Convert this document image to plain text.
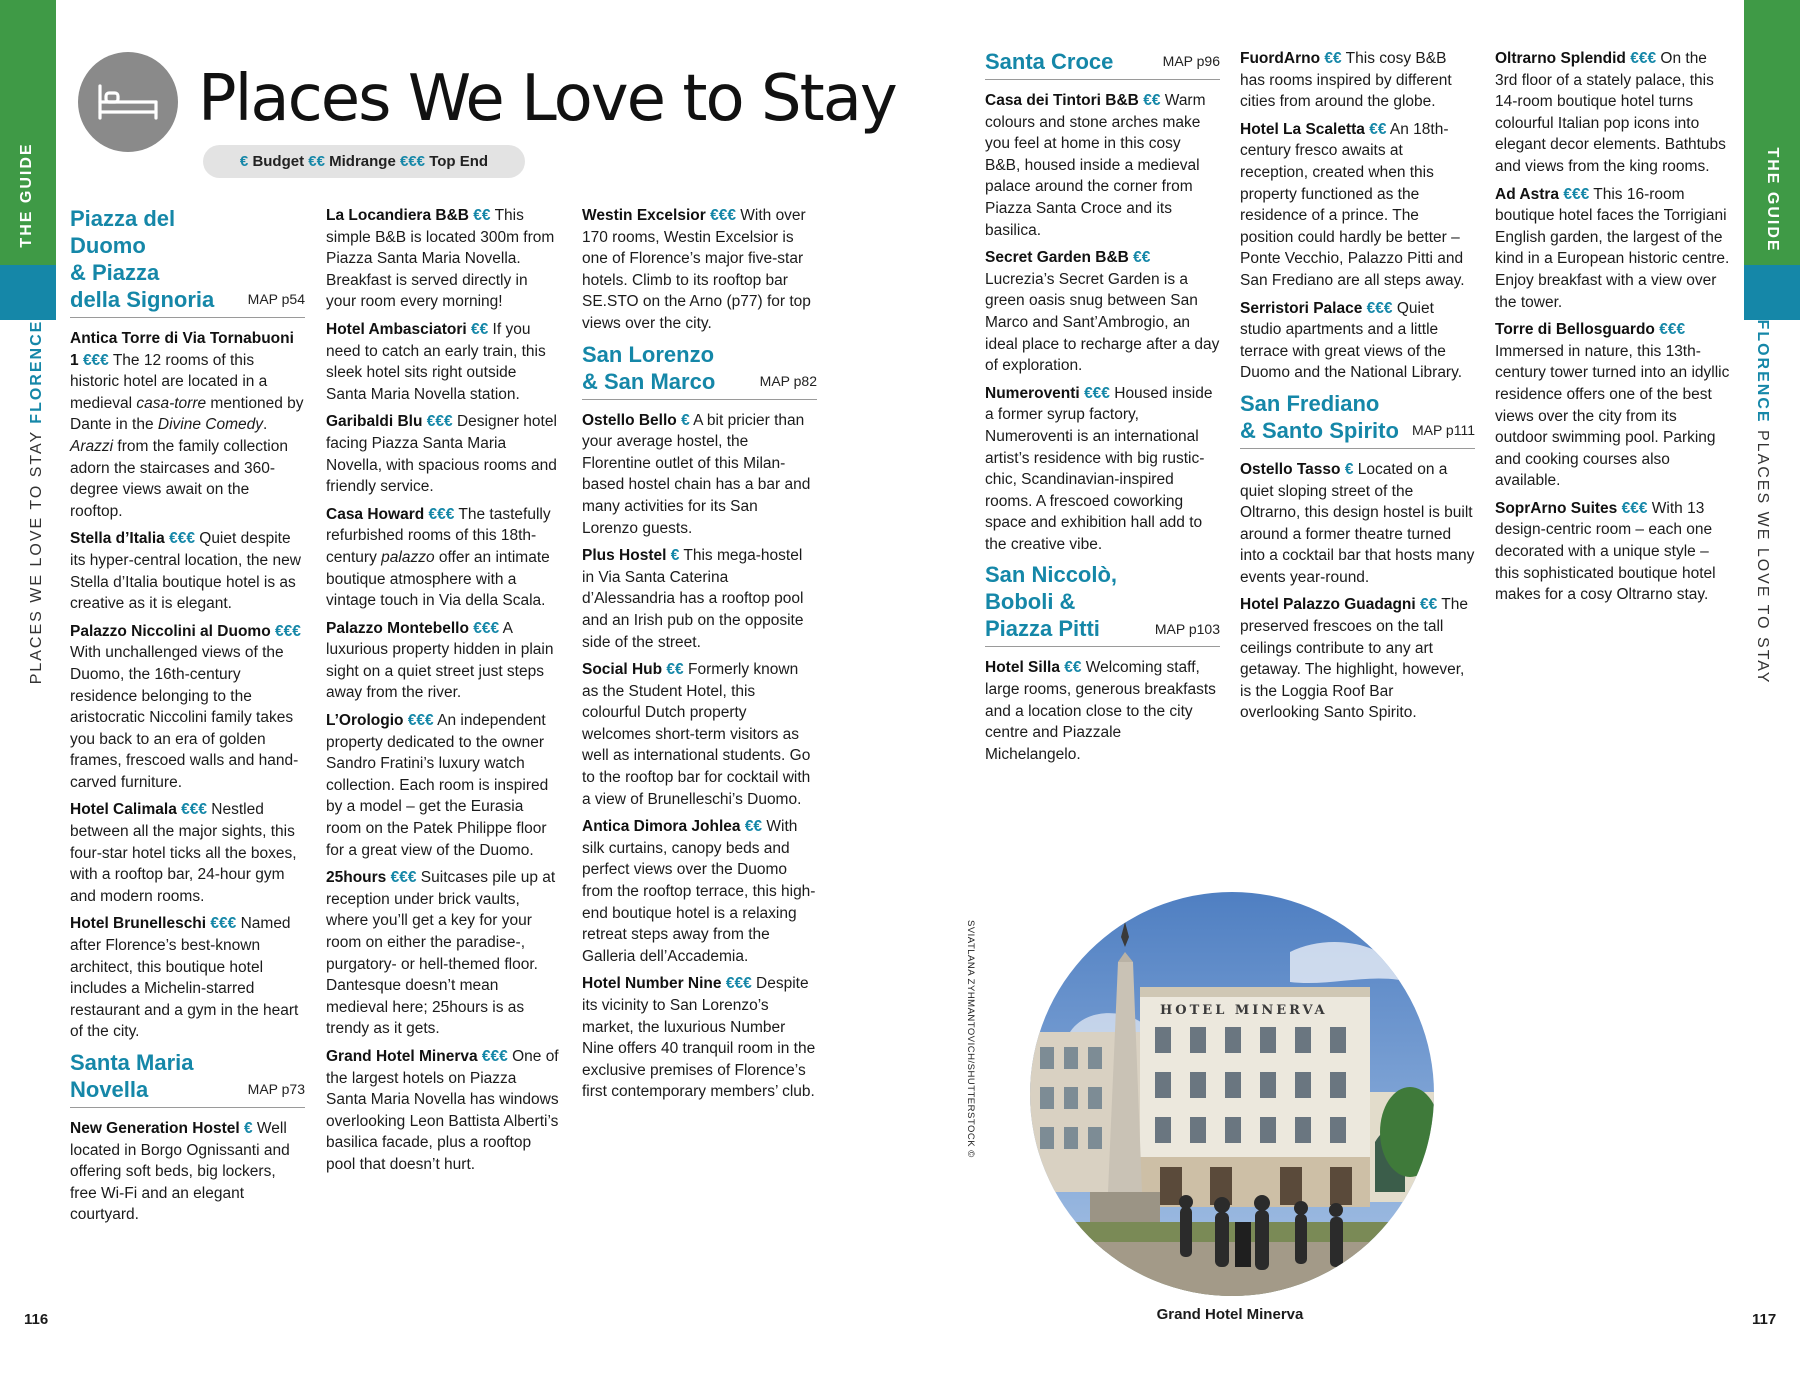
THE GUIDE
PLACES WE LOVE TO STAY FLORENCE
THE GUIDE
FLORENCE PLACES WE LOVE TO STAY
Places We Love to Stay
€ Budget €€ Midrange €€€ Top End
Piazza del Duomo
& Piazza
della Signoria	MAP p54

Antica Torre di Via Tornabuoni 1 €€€ The 12 rooms of this historic hotel are located in a medieval casa-torre mentioned by Dante in the Divine Comedy. Arazzi from the family collection adorn the staircases and 360-degree views await on the rooftop.

Stella d’Italia €€€ Quiet despite its hyper-central location, the new Stella d’Italia boutique hotel is as creative as it is elegant.

Palazzo Niccolini al Duomo €€€ With unchallenged views of the Duomo, the 16th-century residence belonging to the aristocratic Niccolini family takes you back to an era of golden frames, frescoed walls and hand-carved furniture.

Hotel Calimala €€€ Nestled between all the major sights, this four-star hotel ticks all the boxes, with a rooftop bar, 24-hour gym and modern rooms.

Hotel Brunelleschi €€€ Named after Florence’s best-known architect, this boutique hotel includes a Michelin-starred restaurant and a gym in the heart of the city.

Santa Maria
Novella	MAP p73

New Generation Hostel € Well located in Borgo Ognissanti and offering soft beds, big lockers, free Wi-Fi and an elegant courtyard.

La Locandiera B&B €€ This simple B&B is located 300m from Piazza Santa Maria Novella. Breakfast is served directly in your room every morning!

Hotel Ambasciatori €€ If you need to catch an early train, this sleek hotel sits right outside Santa Maria Novella station.

Garibaldi Blu €€€ Designer hotel facing Piazza Santa Maria Novella, with spacious rooms and friendly service.

Casa Howard €€€ The tastefully refurbished rooms of this 18th-century palazzo offer an intimate boutique atmosphere with a vintage touch in Via della Scala.

Palazzo Montebello €€€ A luxurious property hidden in plain sight on a quiet street just steps away from the river.

L’Orologio €€€ An independent property dedicated to the owner Sandro Fratini’s luxury watch collection. Each room is inspired by a model – get the Eurasia room on the Patek Philippe floor for a great view of the Duomo.

25hours €€€ Suitcases pile up at reception under brick vaults, where you’ll get a key for your room on either the paradise-, purgatory- or hell-themed floor. Dantesque doesn’t mean medieval here; 25hours is as trendy as it gets.

Grand Hotel Minerva €€€ One of the largest hotels on Piazza Santa Maria Novella has windows overlooking Leon Battista Alberti’s basilica facade, plus a rooftop pool that doesn’t hurt.

Westin Excelsior €€€ With over 170 rooms, Westin Excelsior is one of Florence’s major five-star hotels. Climb to its rooftop bar SE.STO on the Arno (p77) for top views over the city.

San Lorenzo
& San Marco	MAP p82

Ostello Bello € A bit pricier than your average hostel, the Florentine outlet of this Milan-based hostel chain has a bar and many activities for its San Lorenzo guests.

Plus Hostel € This mega-hostel in Via Santa Caterina d’Alessandria has a rooftop pool and an Irish pub on the opposite side of the street.

Social Hub €€ Formerly known as the Student Hotel, this colourful Dutch property welcomes short-term visitors as well as international students. Go to the rooftop bar for cocktail with a view of Brunelleschi’s Duomo.

Antica Dimora Johlea €€ With silk curtains, canopy beds and perfect views over the Duomo from the rooftop terrace, this high-end boutique hotel is a relaxing retreat steps away from the Galleria dell’Accademia.

Hotel Number Nine €€€ Despite its vicinity to San Lorenzo’s market, the luxurious Number Nine offers 40 tranquil room in the exclusive premises of Florence’s first contemporary members’ club.

Santa Croce	MAP p96

Casa dei Tintori B&B €€ Warm colours and stone arches make you feel at home in this cosy B&B, housed inside a medieval palace around the corner from Piazza Santa Croce and its basilica.

Secret Garden B&B €€ Lucrezia’s Secret Garden is a green oasis snug between San Marco and Sant’Ambrogio, an ideal place to recharge after a day of exploration.

Numeroventi €€€ Housed inside a former syrup factory, Numeroventi is an international artist’s residence with big rustic-chic, Scandinavian-inspired rooms. A frescoed coworking space and exhibition hall add to the creative vibe.

San Niccolò,
Boboli &
Piazza Pitti	MAP p103

Hotel Silla €€ Welcoming staff, large rooms, generous breakfasts and a location close to the city centre and Piazzale Michelangelo.

FuordArno €€ This cosy B&B has rooms inspired by different cities from around the globe.

Hotel La Scaletta €€ An 18th-century fresco awaits at reception, created when this property functioned as the residence of a prince. The position could hardly be better – Ponte Vecchio, Palazzo Pitti and San Frediano are all steps away.

Serristori Palace €€€ Quiet studio apartments and a little terrace with great views of the Duomo and the National Library.

San Frediano
& Santo Spirito MAP p111

Ostello Tasso € Located on a quiet sloping street of the Oltrarno, this design hostel is built around a former theatre turned into a cocktail bar that hosts many events year-round.

Hotel Palazzo Guadagni €€ The preserved frescoes on the tall ceilings contribute to any art getaway. The highlight, however, is the Loggia Roof Bar overlooking Santo Spirito.

Oltrarno Splendid €€€ On the 3rd floor of a stately palace, this 14-room boutique hotel turns colourful Italian pop icons into elegant decor elements. Bathtubs and views from the king rooms.

Ad Astra €€€ This 16-room boutique hotel faces the Torrigiani English garden, the largest of the kind in a European historic centre. Enjoy breakfast with a view over the tower.

Torre di Bellosguardo €€€ Immersed in nature, this 13th-century tower turned into an idyllic residence offers one of the best views over the city from its outdoor swimming pool. Parking and cooking courses also available.

SoprArno Suites €€€ With 13 design-centric room – each one decorated with a unique style – this sophisticated boutique hotel makes for a cosy Oltrarno stay.

SVIATLANA ZYHMANTOVICH/SHUTTERSTOCK ©	HOTEL MINERVA
Grand Hotel Minerva
116	117
